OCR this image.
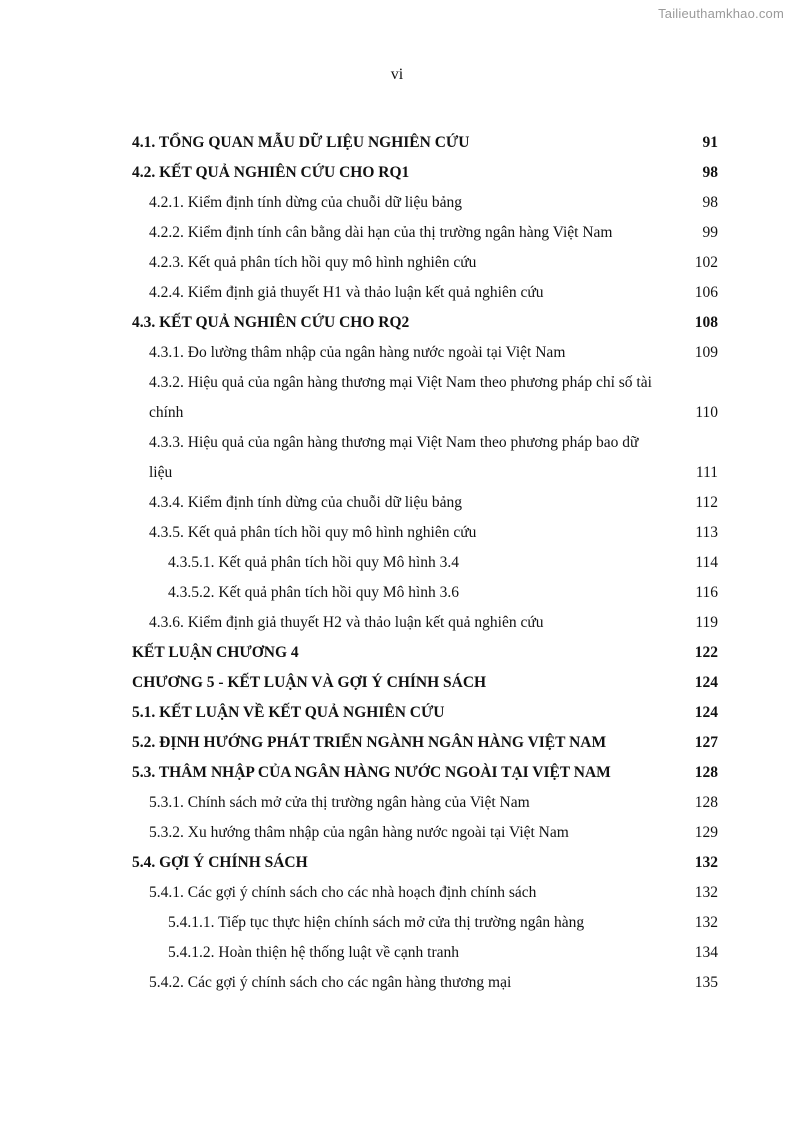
Tailieuthamkhao.com
vi
4.1. TỔNG QUAN MẪU DỮ LIỆU NGHIÊN CỨU	91
4.2. KẾT QUẢ NGHIÊN CỨU CHO RQ1	98
4.2.1. Kiểm định tính dừng của chuỗi dữ liệu bảng	98
4.2.2. Kiểm định tính cân bằng dài hạn của thị trường ngân hàng Việt Nam	99
4.2.3. Kết quả phân tích hồi quy mô hình nghiên cứu	102
4.2.4. Kiểm định giả thuyết H1 và thảo luận kết quả nghiên cứu	106
4.3. KẾT QUẢ NGHIÊN CỨU CHO RQ2	108
4.3.1. Đo lường thâm nhập của ngân hàng nước ngoài tại Việt Nam	109
4.3.2. Hiệu quả của ngân hàng thương mại Việt Nam theo phương pháp chỉ số tài
chính	110
4.3.3. Hiệu quả của ngân hàng thương mại Việt Nam theo phương pháp bao dữ
liệu	111
4.3.4. Kiểm định tính dừng của chuỗi dữ liệu bảng	112
4.3.5. Kết quả phân tích hồi quy mô hình nghiên cứu	113
4.3.5.1. Kết quả phân tích hồi quy Mô hình 3.4	114
4.3.5.2. Kết quả phân tích hồi quy Mô hình 3.6	116
4.3.6. Kiểm định giả thuyết H2 và thảo luận kết quả nghiên cứu	119
KẾT LUẬN CHƯƠNG 4	122
CHƯƠNG 5 - KẾT LUẬN VÀ GỢI Ý CHÍNH SÁCH	124
5.1. KẾT LUẬN VỀ KẾT QUẢ NGHIÊN CỨU	124
5.2. ĐỊNH HƯỚNG PHÁT TRIỂN NGÀNH NGÂN HÀNG VIỆT NAM	127
5.3. THÂM NHẬP CỦA NGÂN HÀNG NƯỚC NGOÀI TẠI VIỆT NAM	128
5.3.1. Chính sách mở cửa thị trường ngân hàng của Việt Nam	128
5.3.2. Xu hướng thâm nhập của ngân hàng nước ngoài tại Việt Nam	129
5.4. GỢI Ý CHÍNH SÁCH	132
5.4.1. Các gợi ý chính sách cho các nhà hoạch định chính sách	132
5.4.1.1. Tiếp tục thực hiện chính sách mở cửa thị trường ngân hàng	132
5.4.1.2. Hoàn thiện hệ thống luật về cạnh tranh	134
5.4.2. Các gợi ý chính sách cho các ngân hàng thương mại	135
